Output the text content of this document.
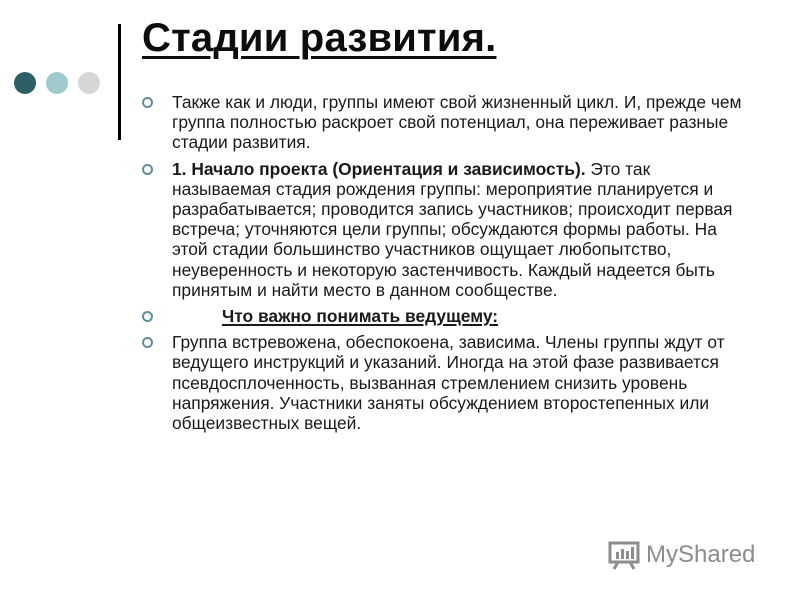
Стадии развития.
Также как и люди, группы имеют свой жизненный цикл. И, прежде чем группа полностью раскроет свой потенциал, она переживает разные стадии развития.
1. Начало проекта (Ориентация и зависимость). Это так называемая стадия рождения группы: мероприятие планируется и разрабатывается; проводится запись участников; происходит первая встреча; уточняются цели группы; обсуждаются формы работы. На этой стадии большинство участников ощущает любопытство, неуверенность и некоторую застенчивость. Каждый надеется быть принятым и найти место в данном сообществе.
Что важно понимать ведущему:
Группа встревожена, обеспокоена, зависима. Члены группы ждут от ведущего инструкций и указаний. Иногда на этой фазе развивается псевдосплоченность, вызванная стремлением снизить уровень напряжения. Участники заняты обсуждением второстепенных или общеизвестных вещей.
MyShared
